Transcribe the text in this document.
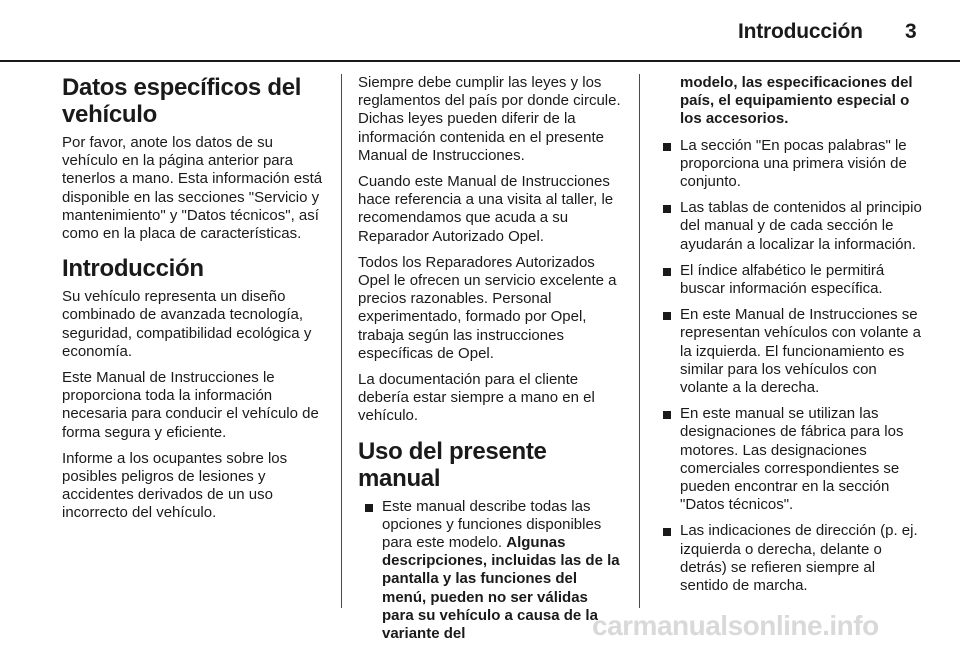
Introducción 3
Datos específicos del vehículo

Por favor, anote los datos de su vehículo en la página anterior para tenerlos a mano. Esta información está disponible en las secciones "Servicio y mantenimiento" y "Datos técnicos", así como en la placa de características.

Introducción

Su vehículo representa un diseño combinado de avanzada tecnología, seguridad, compatibilidad ecológica y economía.

Este Manual de Instrucciones le proporciona toda la información necesaria para conducir el vehículo de forma segura y eficiente.

Informe a los ocupantes sobre los posibles peligros de lesiones y accidentes derivados de un uso incorrecto del vehículo.

Siempre debe cumplir las leyes y los reglamentos del país por donde circule. Dichas leyes pueden diferir de la información contenida en el presente Manual de Instrucciones.

Cuando este Manual de Instrucciones hace referencia a una visita al taller, le recomendamos que acuda a su Reparador Autorizado Opel.

Todos los Reparadores Autorizados Opel le ofrecen un servicio excelente a precios razonables. Personal experimentado, formado por Opel, trabaja según las instrucciones específicas de Opel.

La documentación para el cliente debería estar siempre a mano en el vehículo.

Uso del presente manual
Este manual describe todas las opciones y funciones disponibles para este modelo. Algunas descripciones, incluidas las de la pantalla y las funciones del menú, pueden no ser válidas para su vehículo a causa de la variante del

modelo, las especificaciones del país, el equipamiento especial o los accesorios.

La sección "En pocas palabras" le proporciona una primera visión de conjunto.
Las tablas de contenidos al principio del manual y de cada sección le ayudarán a localizar la información.
El índice alfabético le permitirá buscar información específica.
En este Manual de Instrucciones se representan vehículos con volante a la izquierda. El funcionamiento es similar para los vehículos con volante a la derecha.
En este manual se utilizan las designaciones de fábrica para los motores. Las designaciones comerciales correspondientes se pueden encontrar en la sección "Datos técnicos".
Las indicaciones de dirección (p. ej. izquierda o derecha, delante o detrás) se refieren siempre al sentido de marcha.
carmanualsonline.info
